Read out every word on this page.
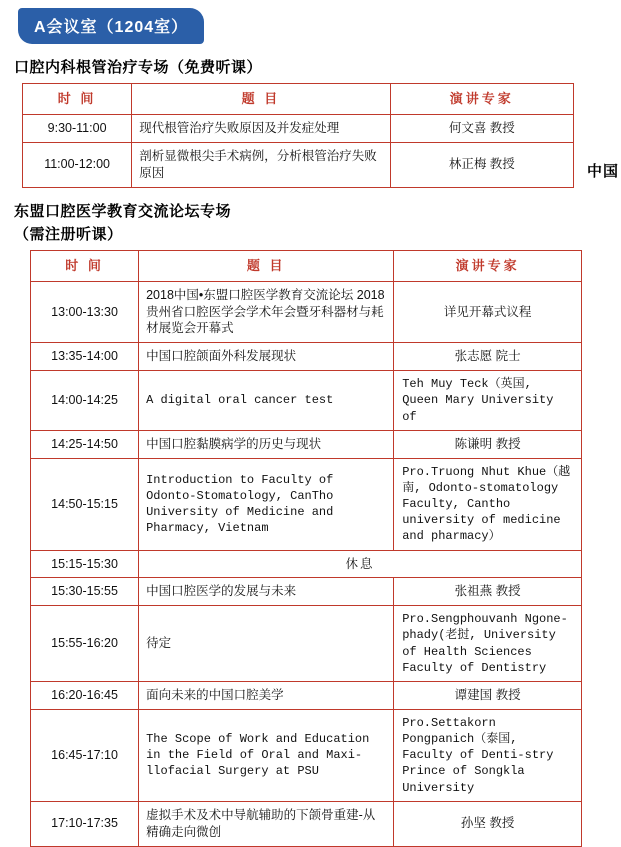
A会议室（1204室）
中国
口腔内科根管治疗专场（免费听课）
时 间	题 目	演讲专家
9:30-11:00	现代根管治疗失败原因及并发症处理	何文喜 教授
11:00-12:00	剖析显微根尖手术病例，分析根管治疗失败原因	林正梅 教授
东盟口腔医学教育交流论坛专场
（需注册听课）
时 间	题 目	演讲专家
13:00-13:30	2018中国•东盟口腔医学教育交流论坛 2018贵州省口腔医学会学术年会暨牙科器材与耗材展览会开幕式	详见开幕式议程
13:35-14:00	中国口腔颌面外科发展现状	张志愿 院士
14:00-14:25	A digital oral cancer test	Teh Muy Teck（英国, Queen Mary University of
14:25-14:50	中国口腔黏膜病学的历史与现状	陈谦明 教授
14:50-15:15	Introduction to Faculty of Odonto-Stomatology, CanTho University of Medicine and Pharmacy, Vietnam	Pro.Truong Nhut Khue（越南, Odonto-stomatology Faculty, Cantho university of medicine and pharmacy）
15:15-15:30	休息	
15:30-15:55	中国口腔医学的发展与未来	张祖燕 教授
15:55-16:20	待定	Pro.Sengphouvanh Ngone-phady(老挝, University of Health Sciences Faculty of Dentistry
16:20-16:45	面向未来的中国口腔美学	谭建国 教授
16:45-17:10	The Scope of Work and Education in the Field of Oral and Maxi-llofacial Surgery at PSU	Pro.Settakorn Pongpanich（泰国, Faculty of Denti-stry Prince of Songkla University
17:10-17:35	虚拟手术及术中导航辅助的下颌骨重建-从精确走向微创	孙坚 教授
